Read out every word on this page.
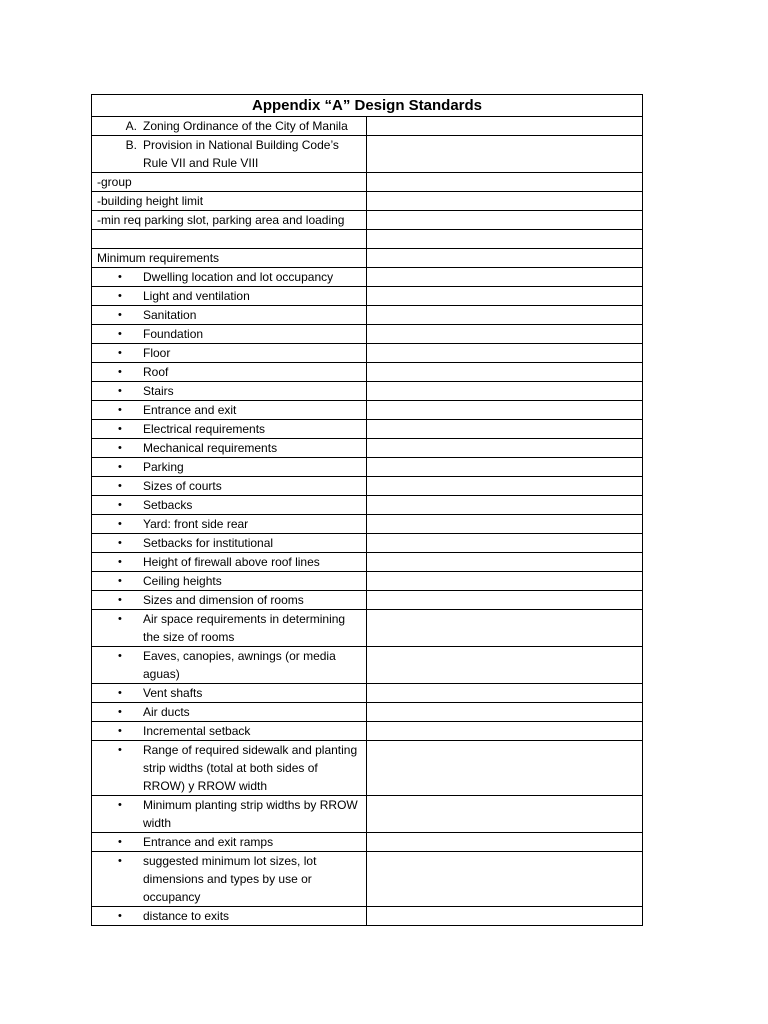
Appendix “A” Design Standards	

A. Zoning Ordinance of the City of Manila	

B. Provision in National Building Code’s Rule VII and Rule VIII	

-group	
-building height limit	
-min req parking slot, parking area and loading	

Minimum requirements	

• Dwelling location and lot occupancy	

• Light and ventilation	

• Sanitation	

• Foundation	

• Floor	

• Roof	

• Stairs	

• Entrance and exit	

• Electrical requirements	

• Mechanical requirements	

• Parking	

• Sizes of courts	

• Setbacks	

• Yard: front side rear	

• Setbacks for institutional	

• Height of firewall above roof lines	

• Ceiling heights	

• Sizes and dimension of rooms	

• Air space requirements in determining the size of rooms	

• Eaves, canopies, awnings (or media aguas)	

• Vent shafts	

• Air ducts	

• Incremental setback	

• Range of required sidewalk and planting strip widths (total at both sides of RROW) y RROW width	

• Minimum planting strip widths by RROW width	

• Entrance and exit ramps	

• suggested minimum lot sizes, lot dimensions and types by use or occupancy	

• distance to exits	
